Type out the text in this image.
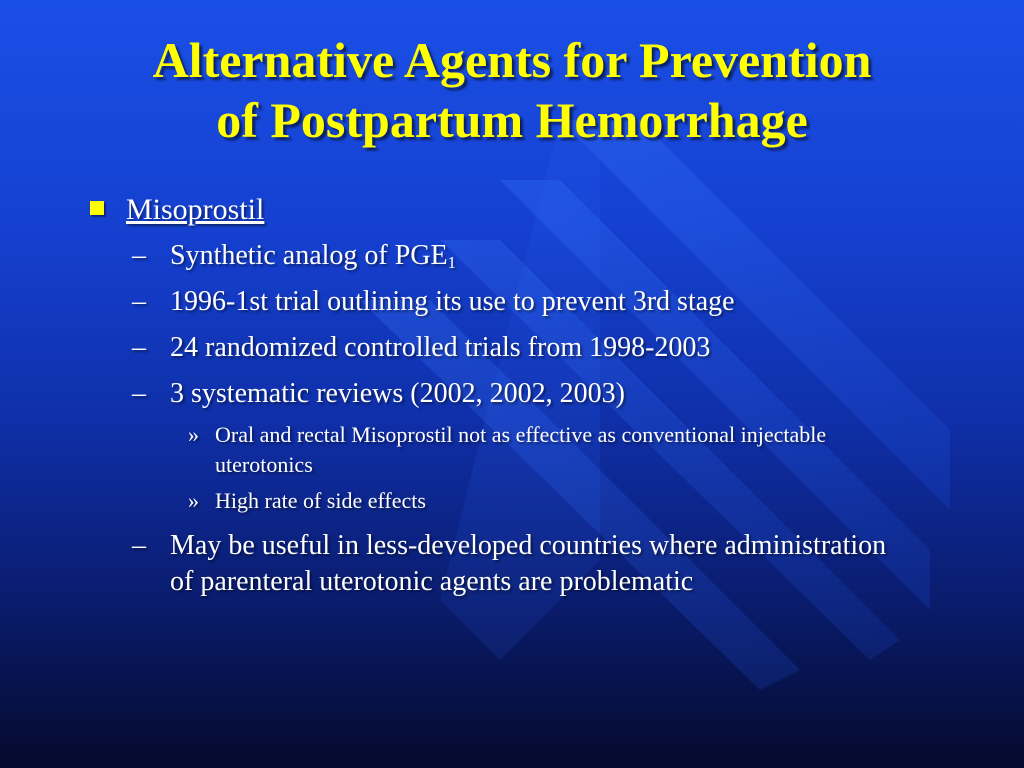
Alternative Agents for Prevention
of Postpartum Hemorrhage
Misoprostil
– Synthetic analog of $PGE_1$
– 1996-1st trial outlining its use to prevent 3rd stage
– 24 randomized controlled trials from 1998-2003
– 3 systematic reviews (2002, 2002, 2003)
» Oral and rectal Misoprostil not as effective as conventional injectable uterotonics
» High rate of side effects
– May be useful in less-developed countries where administration of parenteral uterotonic agents are problematic
